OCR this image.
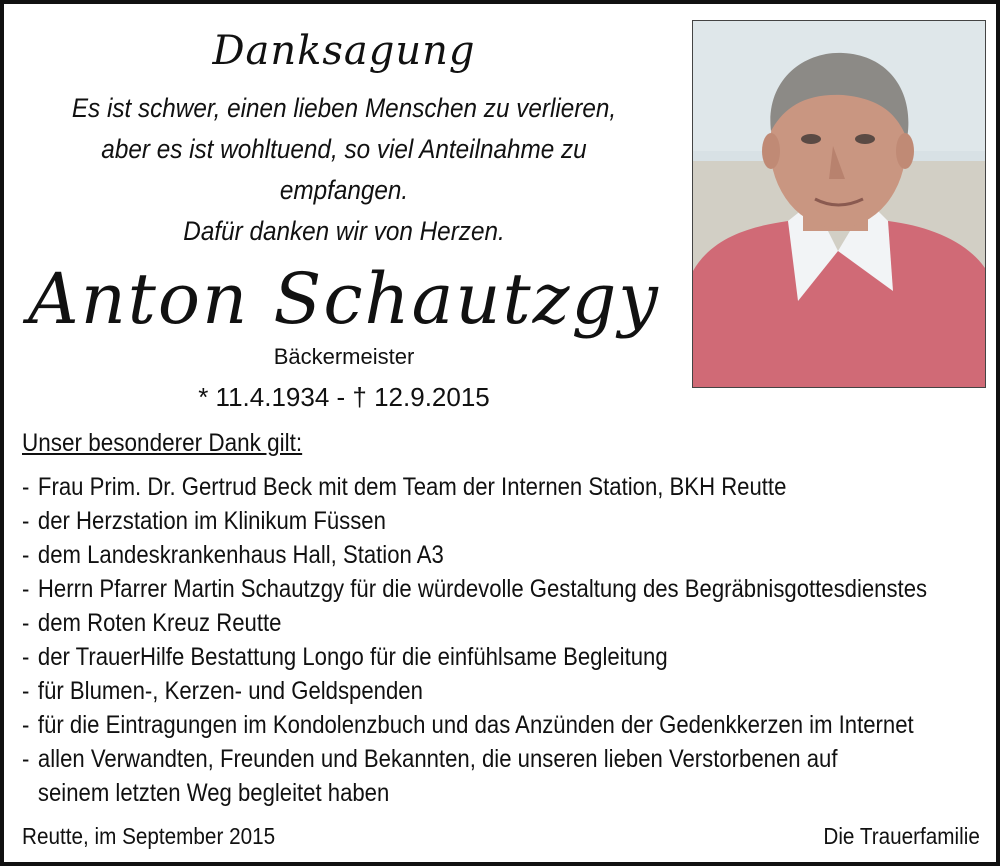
Danksagung

Es ist schwer, einen lieben Menschen zu verlieren,

aber es ist wohltuend, so viel Anteilnahme zu empfangen.

Dafür danken wir von Herzen.

Anton Schautzgy

Bäckermeister

* 11.4.1934 - † 12.9.2015

Unser besonderer Dank gilt:

- Frau Prim. Dr. Gertrud Beck mit dem Team der Internen Station, BKH Reutte
- der Herzstation im Klinikum Füssen
- dem Landeskrankenhaus Hall, Station A3
- Herrn Pfarrer Martin Schautzgy für die würdevolle Gestaltung des Begräbnisgottesdienstes
- dem Roten Kreuz Reutte
- der TrauerHilfe Bestattung Longo für die einfühlsame Begleitung
- für Blumen-, Kerzen- und Geldspenden
- für die Eintragungen im Kondolenzbuch und das Anzünden der Gedenkkerzen im Internet
- allen Verwandten, Freunden und Bekannten, die unseren lieben Verstorbenen auf
seinem letzten Weg begleitet haben
Reutte, im September 2015	Die Trauerfamilie
